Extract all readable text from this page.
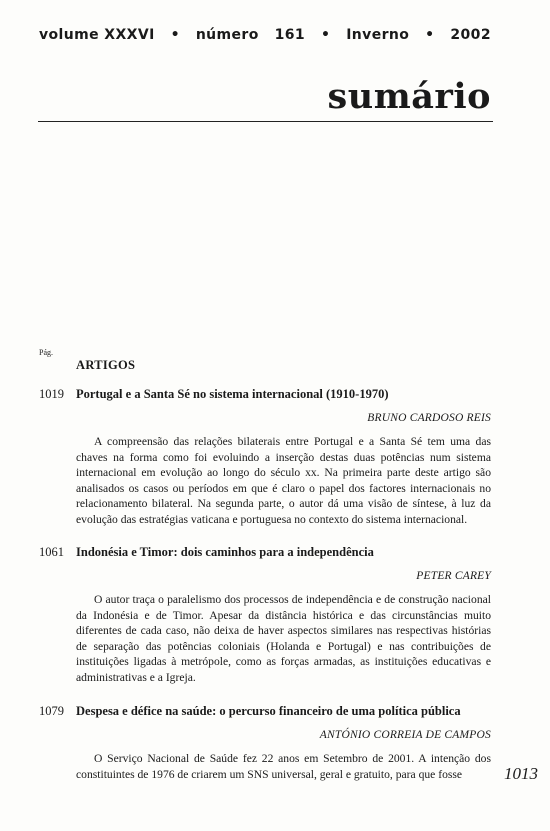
volume XXXVI • número 161 • Inverno • 2002
sumário
Pág.
ARTIGOS
1019 Portugal e a Santa Sé no sistema internacional (1910-1970)
BRUNO CARDOSO REIS
A compreensão das relações bilaterais entre Portugal e a Santa Sé tem uma das chaves na forma como foi evoluindo a inserção destas duas potências num sistema internacional em evolução ao longo do século xx. Na primeira parte deste artigo são analisados os casos ou períodos em que é claro o papel dos factores internacionais no relacionamento bilateral. Na segunda parte, o autor dá uma visão de síntese, à luz da evolução das estratégias vaticana e portuguesa no contexto do sistema internacional.
1061 Indonésia e Timor: dois caminhos para a independência
PETER CAREY
O autor traça o paralelismo dos processos de independência e de construção nacional da Indonésia e de Timor. Apesar da distância histórica e das circunstâncias muito diferentes de cada caso, não deixa de haver aspectos similares nas respectivas histórias de separação das potências coloniais (Holanda e Portugal) e nas contribuições de instituições ligadas à metrópole, como as forças armadas, as instituições educativas e administrativas e a Igreja.
1079 Despesa e défice na saúde: o percurso financeiro de uma política pública
ANTÓNIO CORREIA DE CAMPOS
O Serviço Nacional de Saúde fez 22 anos em Setembro de 2001. A intenção dos constituintes de 1976 de criarem um SNS universal, geral e gratuito, para que fosse	1013
